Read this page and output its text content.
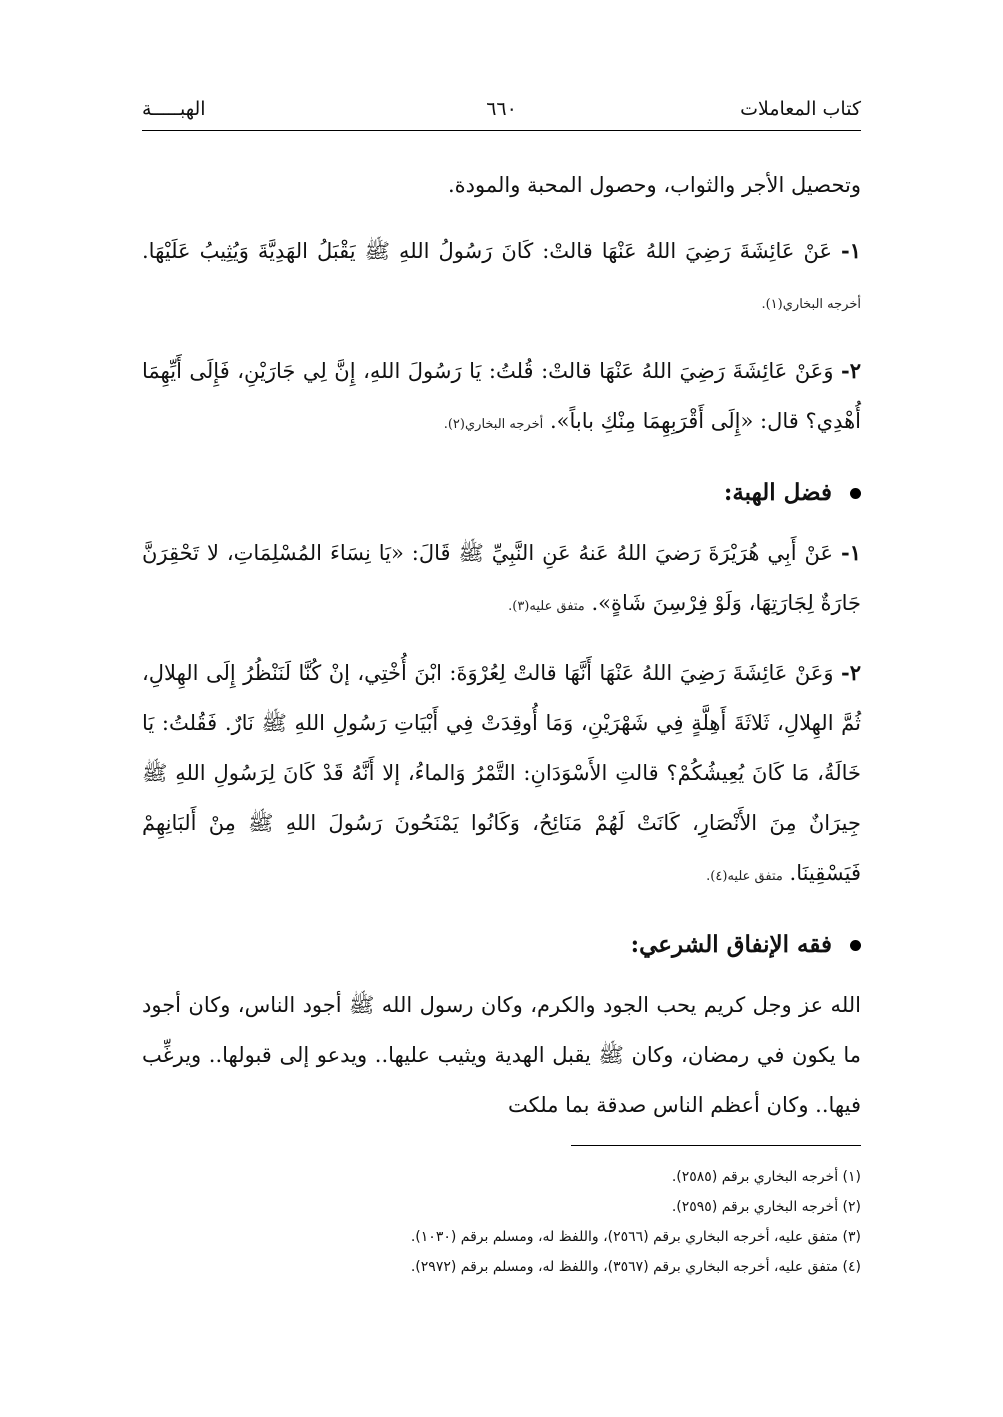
كتاب المعاملات
٦٦٠
الهبـــــة

وتحصيل الأجر والثواب، وحصول المحبة والمودة.

١- عَنْ عَائِشَةَ رَضِيَ اللهُ عَنْهَا قالتْ: كَانَ رَسُولُ اللهِ ﷺ يَقْبَلُ الهَدِيَّةَ وَيُثِيبُ عَلَيْهَا. أخرجه البخاري(١).

٢- وَعَنْ عَائِشَةَ رَضِيَ اللهُ عَنْهَا قالتْ: قُلتُ: يَا رَسُولَ اللهِ، إِنَّ لِي جَارَيْنِ، فَإِلَى أَيِّهِمَا أُهْدِي؟ قال: «إِلَى أَقْرَبِهِمَا مِنْكِ باباً». أخرجه البخاري(٢).

فضل الهبة:

١- عَنْ أَبِي هُرَيْرَةَ رَضيَ اللهُ عَنهُ عَنِ النَّبِيِّ ﷺ قَالَ: «يَا نِسَاءَ المُسْلِمَاتِ، لا تَحْقِرَنَّ جَارَةٌ لِجَارَتِهَا، وَلَوْ فِرْسِنَ شَاةٍ». متفق عليه(٣).

٢- وَعَنْ عَائِشَةَ رَضِيَ اللهُ عَنْهَا أَنَّهَا قالتْ لِعُرْوَةَ: ابْنَ أُخْتِي، إنْ كُنَّا لَنَنْظُرُ إِلَى الهِلالِ، ثُمَّ الهِلالِ، ثَلاثَةَ أَهِلَّةٍ فِي شَهْرَيْنِ، وَمَا أُوقِدَتْ فِي أَبْيَاتِ رَسُولِ اللهِ ﷺ نَارٌ. فَقُلتُ: يَا خَالَةُ، مَا كَانَ يُعِيشُكُمْ؟ قالتِ الأَسْوَدَانِ: التَّمْرُ وَالماءُ، إلا أَنَّهُ قَدْ كَانَ لِرَسُولِ اللهِ ﷺ جِيرَانٌ مِنَ الأَنْصَارِ، كَانَتْ لَهُمْ مَنَائِحُ، وَكَانُوا يَمْنَحُونَ رَسُولَ اللهِ ﷺ مِنْ أَلبَانِهِمْ فَيَسْقِينَا. متفق عليه(٤).

فقه الإنفاق الشرعي:

الله عز وجل كريم يحب الجود والكرم، وكان رسول الله ﷺ أجود الناس، وكان أجود ما يكون في رمضان، وكان ﷺ يقبل الهدية ويثيب عليها.. ويدعو إلى قبولها.. ويرغِّب فيها.. وكان أعظم الناس صدقة بما ملكت

(١) أخرجه البخاري برقم (٢٥٨٥).
(٢) أخرجه البخاري برقم (٢٥٩٥).
(٣) متفق عليه، أخرجه البخاري برقم (٢٥٦٦)، واللفظ له، ومسلم برقم (١٠٣٠).
(٤) متفق عليه، أخرجه البخاري برقم (٣٥٦٧)، واللفظ له، ومسلم برقم (٢٩٧٢).
